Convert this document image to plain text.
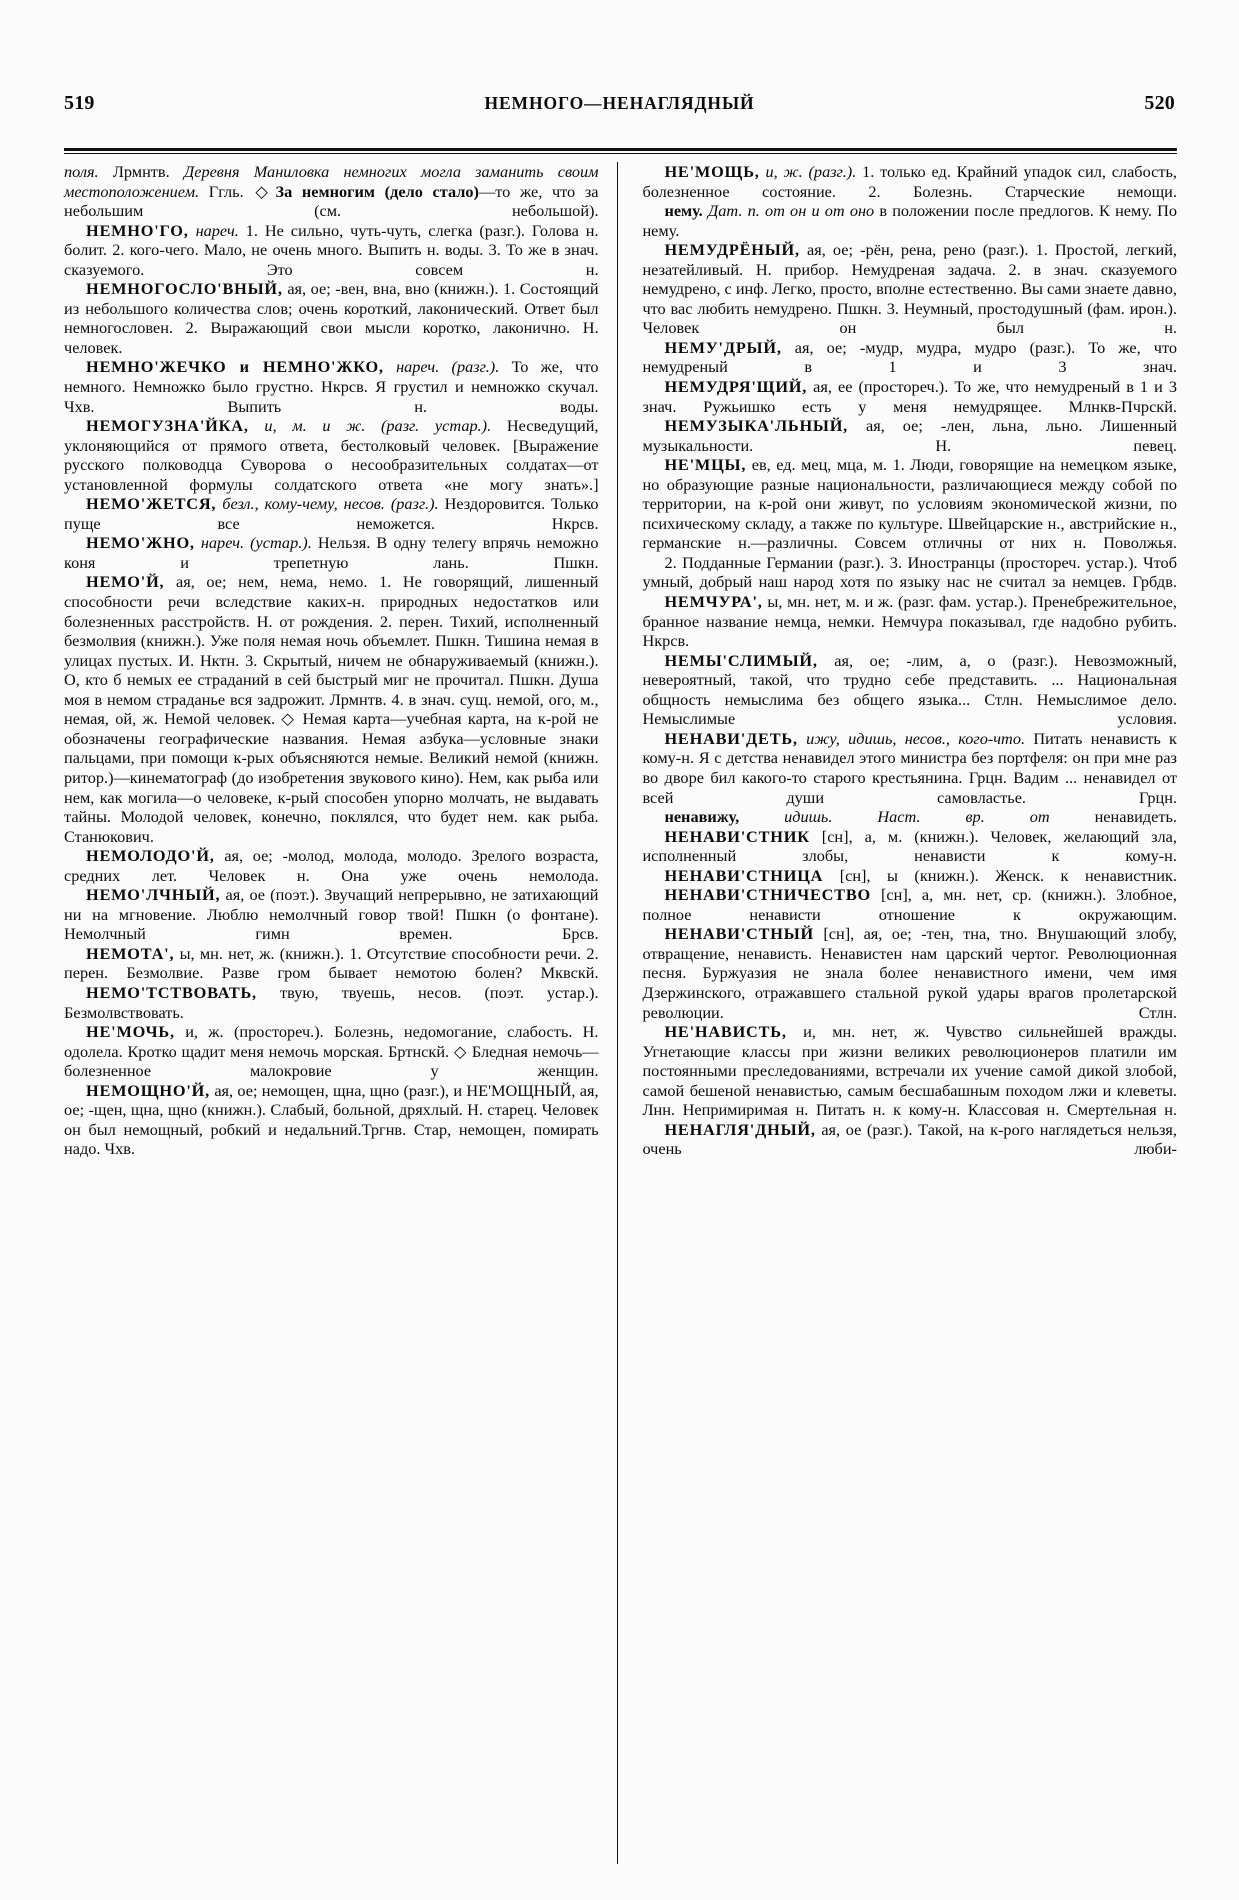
519	НЕМНОГО—НЕНАГЛЯДНЫЙ	520

поля. Лрмнтв. Деревня Маниловка немногих могла заманить своим местоположением. Ггль. ◇ За немногим (дело стало)—то же, что за небольшим (см. небольшой).

НЕМНО'ГО, нареч. 1. Не сильно, чуть-чуть, слегка (разг.). Голова н. болит. 2. кого-чего. Мало, не очень много. Выпить н. воды. 3. То же в знач. сказуемого. Это совсем н.

НЕМНОГОСЛО'ВНЫЙ, ая, ое; -вен, вна, вно (книжн.). 1. Состоящий из небольшого количества слов; очень короткий, лаконический. Ответ был немногословен. 2. Выражающий свои мысли коротко, лаконично. Н. человек.

НЕМНО'ЖЕЧКО и НЕМНО'ЖКО, нареч. (разг.). То же, что немного. Немножко было грустно. Нкрсв. Я грустил и немножко скучал. Чхв. Выпить н. воды.

НЕМОГУЗНА'ЙКА, и, м. и ж. (разг. устар.). Несведущий, уклоняющийся от прямого ответа, бестолковый человек. [Выражение русского полководца Суворова о несообразительных солдатах—от установленной формулы солдатского ответа «не могу знать».]

НЕМО'ЖЕТСЯ, безл., кому-чему, несов. (разг.). Нездоровится. Только пуще все неможется. Нкрсв.

НЕМО'ЖНО, нареч. (устар.). Нельзя. В одну телегу впрячь неможно коня и трепетную лань. Пшкн.

НЕМО'Й, ая, ое; нем, нема, немо. 1. Не говорящий, лишенный способности речи вследствие каких-н. природных недостатков или болезненных расстройств. Н. от рождения. 2. перен. Тихий, исполненный безмолвия (книжн.). Уже поля немая ночь объемлет. Пшкн. Тишина немая в улицах пустых. И. Нктн. 3. Скрытый, ничем не обнаруживаемый (книжн.). О, кто б немых ее страданий в сей быстрый миг не прочитал. Пшкн. Душа моя в немом страданье вся задрожит. Лрмнтв. 4. в знач. сущ. немой, ого, м., немая, ой, ж. Немой человек. ◇ Немая карта—учебная карта, на к-рой не обозначены географические названия. Немая азбука—условные знаки пальцами, при помощи к-рых объясняются немые. Великий немой (книжн. ритор.)—кинематограф (до изобретения звукового кино). Нем, как рыба или нем, как могила—о человеке, к-рый способен упорно молчать, не выдавать тайны. Молодой человек, конечно, поклялся, что будет нем. как рыба. Станюкович.

НЕМОЛОДО'Й, ая, ое; -молод, молода, молодо. Зрелого возраста, средних лет. Человек н. Она уже очень немолода.

НЕМО'ЛЧНЫЙ, ая, ое (поэт.). Звучащий непрерывно, не затихающий ни на мгновение. Люблю немолчный говор твой! Пшкн (о фонтане). Немолчный гимн времен. Брсв.

НЕМОТА', ы, мн. нет, ж. (книжн.). 1. Отсутствие способности речи. 2. перен. Безмолвие. Разве гром бывает немотою болен? Мквскй.

НЕМО'ТСТВОВАТЬ, твую, твуешь, несов. (поэт. устар.). Безмолвствовать.

НЕ'МОЧЬ, и, ж. (простореч.). Болезнь, недомогание, слабость. Н. одолела. Кротко щадит меня немочь морская. Бртнскй. ◇ Бледная немочь—болезненное малокровие у женщин.

НЕМОЩНО'Й, ая, ое; немощен, щна, щно (разг.), и НЕ'МОЩНЫЙ, ая, ое; -щен, щна, щно (книжн.). Слабый, больной, дряхлый. Н. старец. Человек он был немощный, робкий и недальний.Тргнв. Стар, немощен, помирать надо. Чхв.

НЕ'МОЩЬ, и, ж. (разг.). 1. только ед. Крайний упадок сил, слабость, болезненное состояние. 2. Болезнь. Старческие немощи.

нему. Дат. п. от он и от оно в положении после предлогов. К нему. По нему.

НЕМУДРЁНЫЙ, ая, ое; -рён, рена, рено (разг.). 1. Простой, легкий, незатейливый. Н. прибор. Немудреная задача. 2. в знач. сказуемого немудрено, с инф. Легко, просто, вполне естественно. Вы сами знаете давно, что вас любить немудрено. Пшкн. 3. Неумный, простодушный (фам. ирон.). Человек он был н.

НЕМУ'ДРЫЙ, ая, ое; -мудр, мудра, мудро (разг.). То же, что немудреный в 1 и 3 знач.

НЕМУДРЯ'ЩИЙ, ая, ее (простореч.). То же, что немудреный в 1 и 3 знач. Ружьишко есть у меня немудрящее. Млнкв-Пчрскй.

НЕМУЗЫКА'ЛЬНЫЙ, ая, ое; -лен, льна, льно. Лишенный музыкальности. Н. певец.

НЕ'МЦЫ, ев, ед. мец, мца, м. 1. Люди, говорящие на немецком языке, но образующие разные национальности, различающиеся между собой по территории, на к-рой они живут, по условиям экономической жизни, по психическому складу, а также по культуре. Швейцарские н., австрийские н., германские н.—различны. Совсем отличны от них н. Поволжья.

2. Подданные Германии (разг.). 3. Иностранцы (простореч. устар.). Чтоб умный, добрый наш народ хотя по языку нас не считал за немцев. Грбдв.

НЕМЧУРА', ы, мн. нет, м. и ж. (разг. фам. устар.). Пренебрежительное, бранное название немца, немки. Немчура показывал, где надобно рубить. Нкрсв.

НЕМЫ'СЛИМЫЙ, ая, ое; -лим, а, о (разг.). Невозможный, невероятный, такой, что трудно себе представить. ... Национальная общность немыслима без общего языка... Стлн. Немыслимое дело. Немыслимые условия.

НЕНАВИ'ДЕТЬ, ижу, идишь, несов., кого-что. Питать ненависть к кому-н. Я с детства ненавидел этого министра без портфеля: он при мне раз во дворе бил какого-то старого крестьянина. Грцн. Вадим ... ненавидел от всей души самовластье. Грцн.

ненавижу,	идишь. Наст. вр. от	ненавидеть.

НЕНАВИ'СТНИК [сн], а, м. (книжн.). Человек, желающий зла, исполненный злобы, ненависти к кому-н.

НЕНАВИ'СТНИЦА [сн], ы (книжн.). Женск. к ненавистник.

НЕНАВИ'СТНИЧЕСТВО [сн], а, мн. нет, ср. (книжн.). Злобное, полное ненависти отношение к окружающим.

НЕНАВИ'СТНЫЙ [сн], ая, ое; -тен, тна, тно. Внушающий злобу, отвращение, ненависть. Ненавистен нам царский чертог. Революционная песня. Буржуазия не знала более ненавистного имени, чем имя Дзержинского, отражавшего стальной рукой удары врагов пролетарской революции. Стлн.

НЕ'НАВИСТЬ, и, мн. нет, ж. Чувство сильнейшей вражды. Угнетающие классы при жизни великих революционеров платили им постоянными преследованиями, встречали их учение самой дикой злобой, самой бешеной ненавистью, самым бесшабашным походом лжи и клеветы. Лнн. Непримиримая н. Питать н. к кому-н. Классовая н. Смертельная н.

НЕНАГЛЯ'ДНЫЙ, ая, ое (разг.). Такой, на к-рого наглядеться нельзя, очень люби-
